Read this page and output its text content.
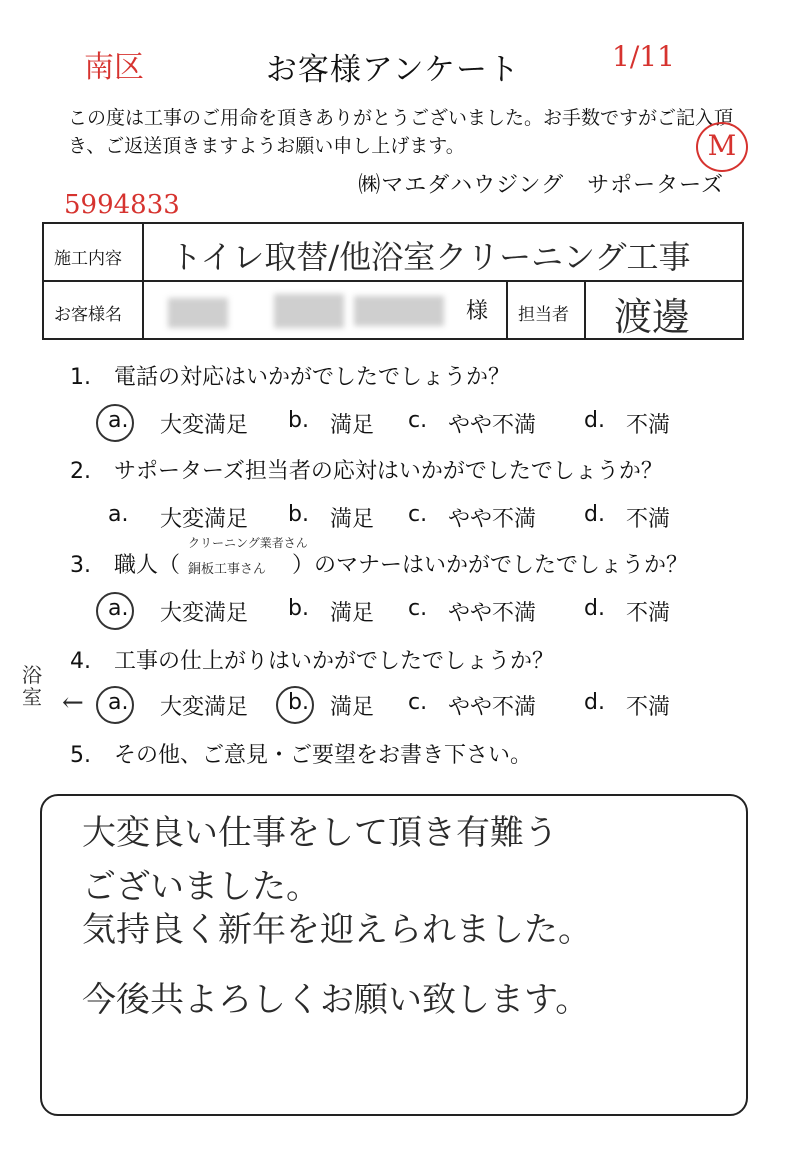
お客様アンケート
この度は工事のご用命を頂きありがとうございました。お手数ですがご記入頂き、ご返送頂きますようお願い申し上げます。
㈱マエダハウジング　サポーターズ
南区	1/11
M
5994833
施工内容 トイレ取替/他浴室クリーニング工事
お客様名	様 担当者 渡邊
1. 電話の対応はいかがでしたでしょうか？
a. 大変満足 b. 満足 c. やや不満 d. 不満
2. サポーターズ担当者の応対はいかがでしたでしょうか？
a. 大変満足 b. 満足 c. やや不満 d. 不満
3. 職人（	）のマナーはいかがでしたでしょうか？
クリーニング業者さん
銅板工事さん
a. 大変満足 b. 満足 c. やや不満 d. 不満
4. 工事の仕上がりはいかがでしたでしょうか？
浴室 ← a. 大変満足 b. 満足 c. やや不満 d. 不満
5. その他、ご意見・ご要望をお書き下さい。
大変良い仕事をして頂き有難う
ございました。
気持良く新年を迎えられました。
今後共よろしくお願い致します。
